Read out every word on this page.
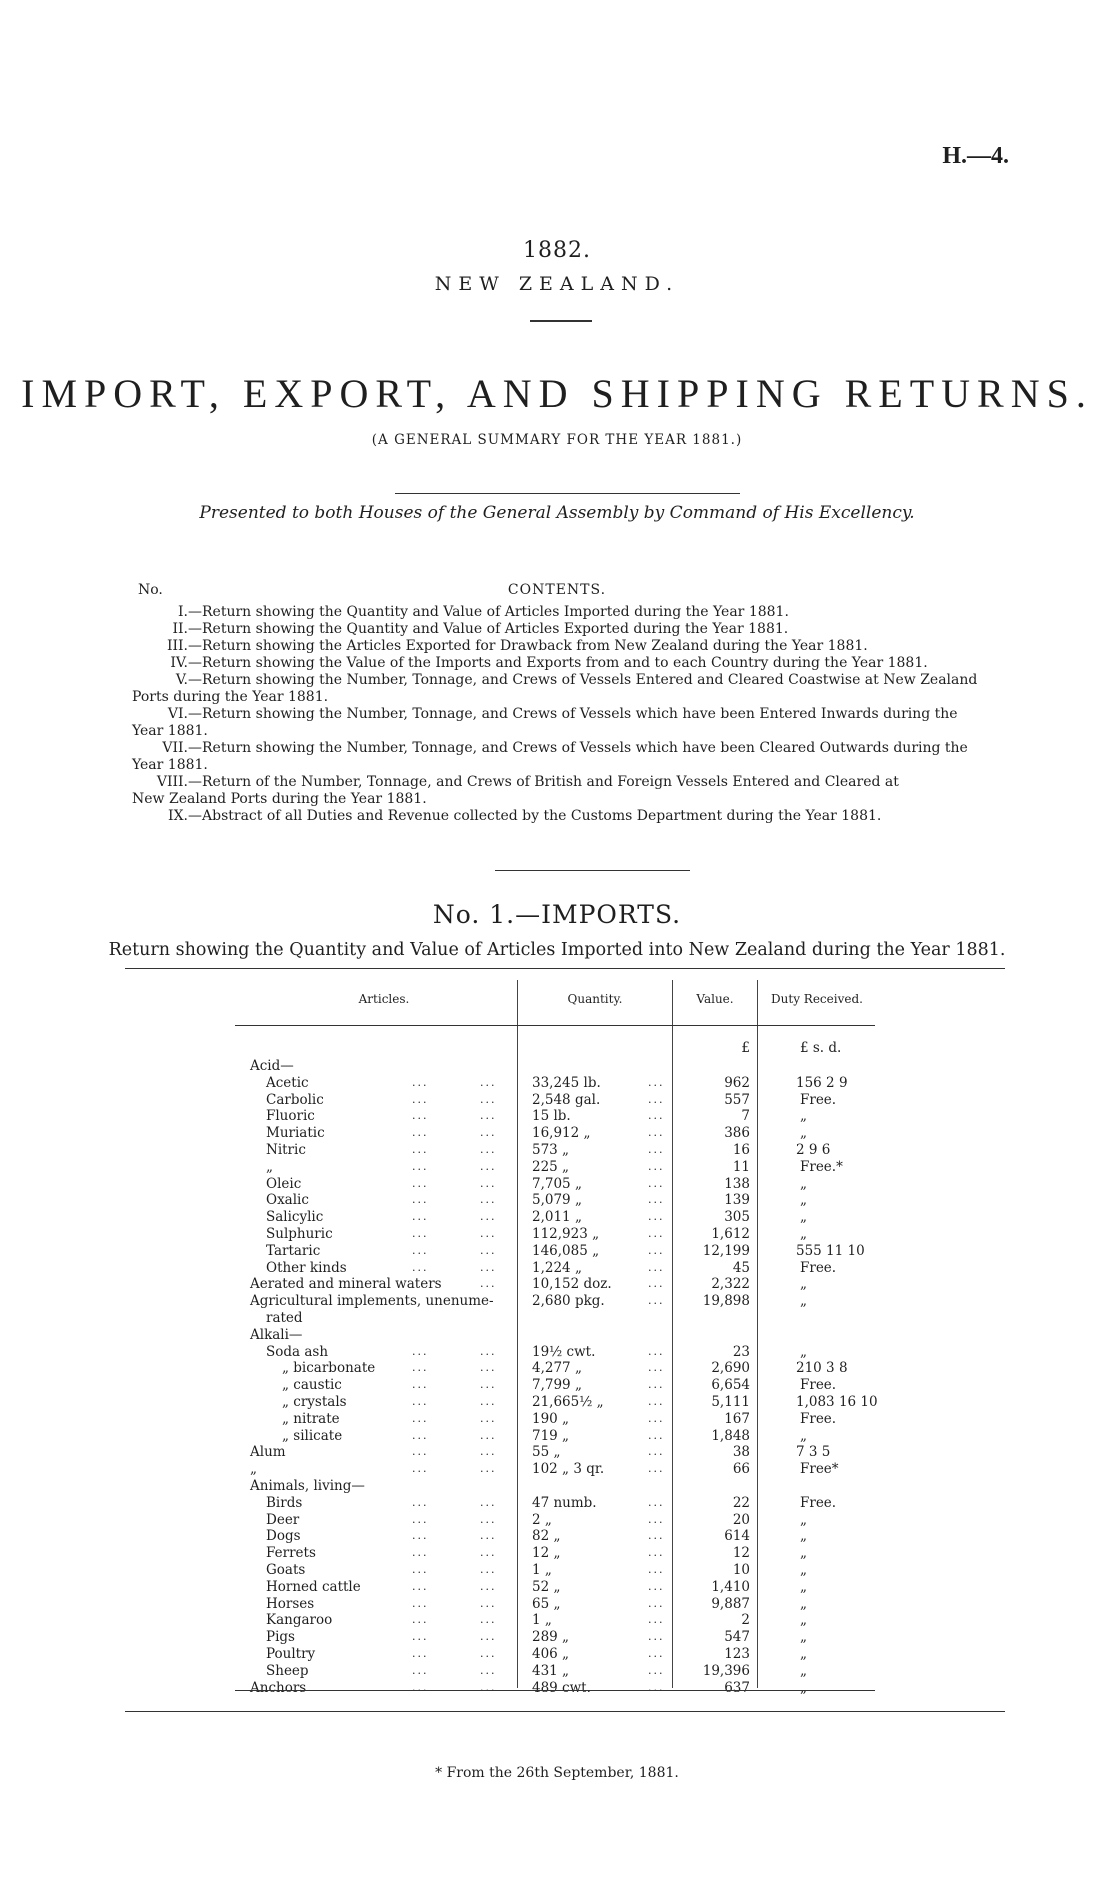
H.—4.
1882.
NEW ZEALAND.
IMPORT, EXPORT, AND SHIPPING RETURNS.
(A GENERAL SUMMARY FOR THE YEAR 1881.)
Presented to both Houses of the General Assembly by Command of His Excellency.
No.	CONTENTS.
I.—Return showing the Quantity and Value of Articles Imported during the Year 1881.
II.—Return showing the Quantity and Value of Articles Exported during the Year 1881.
III.—Return showing the Articles Exported for Drawback from New Zealand during the Year 1881.
IV.—Return showing the Value of the Imports and Exports from and to each Country during the Year 1881.
V.—Return showing the Number, Tonnage, and Crews of Vessels Entered and Cleared Coastwise at New Zealand
Ports during the Year 1881.
VI.—Return showing the Number, Tonnage, and Crews of Vessels which have been Entered Inwards during the
Year 1881.
VII.—Return showing the Number, Tonnage, and Crews of Vessels which have been Cleared Outwards during the
Year 1881.
VIII.—Return of the Number, Tonnage, and Crews of British and Foreign Vessels Entered and Cleared at
New Zealand Ports during the Year 1881.
IX.—Abstract of all Duties and Revenue collected by the Customs Department during the Year 1881.
No. 1.—IMPORTS.
Return showing the Quantity and Value of Articles Imported into New Zealand during the Year 1881.
Articles.	Quantity.	Value.	Duty Received.
£	£ s. d.
Acid—
Acetic	...	...	33,245 lb.	...	962	156 2 9
Carbolic	...	...	2,548 gal.	...	557	Free.
Fluoric	...	...	15 lb.	...	7	„
Muriatic	...	...	16,912 „	...	386	„
Nitric	...	...	573 „	...	16	2 9 6
„	...	...	225 „	...	11	Free.*
Oleic	...	...	7,705 „	...	138	„
Oxalic	...	...	5,079 „	...	139	„
Salicylic	...	...	2,011 „	...	305	„
Sulphuric	...	...	112,923 „	...	1,612	„
Tartaric	...	...	146,085 „	...	12,199	555 11 10
Other kinds	...	...	1,224 „	...	45	Free.
Aerated and mineral waters	...	10,152 doz.	...	2,322	„
Agricultural implements, unenume-	2,680 pkg.	...	19,898	„
rated
Alkali—
Soda ash	...	...	19½ cwt.	...	23	„
„ bicarbonate	...	...	4,277 „	...	2,690	210 3 8
„ caustic	...	...	7,799 „	...	6,654	Free.
„ crystals	...	...	21,665½ „	...	5,111	1,083 16 10
„ nitrate	...	...	190 „	...	167	Free.
„ silicate	...	...	719 „	...	1,848	„
Alum	...	...	55 „	...	38	7 3 5
„	...	...	102 „ 3 qr.	...	66	Free*
Animals, living—
Birds	...	...	47 numb.	...	22	Free.
Deer	...	...	2 „	...	20	„
Dogs	...	...	82 „	...	614	„
Ferrets	...	...	12 „	...	12	„
Goats	...	...	1 „	...	10	„
Horned cattle	...	...	52 „	...	1,410	„
Horses	...	...	65 „	...	9,887	„
Kangaroo	...	...	1 „	...	2	„
Pigs	...	...	289 „	...	547	„
Poultry	...	...	406 „	...	123	„
Sheep	...	...	431 „	...	19,396	„
Anchors	...	...	489 cwt.	...	637	„
* From the 26th September, 1881.
